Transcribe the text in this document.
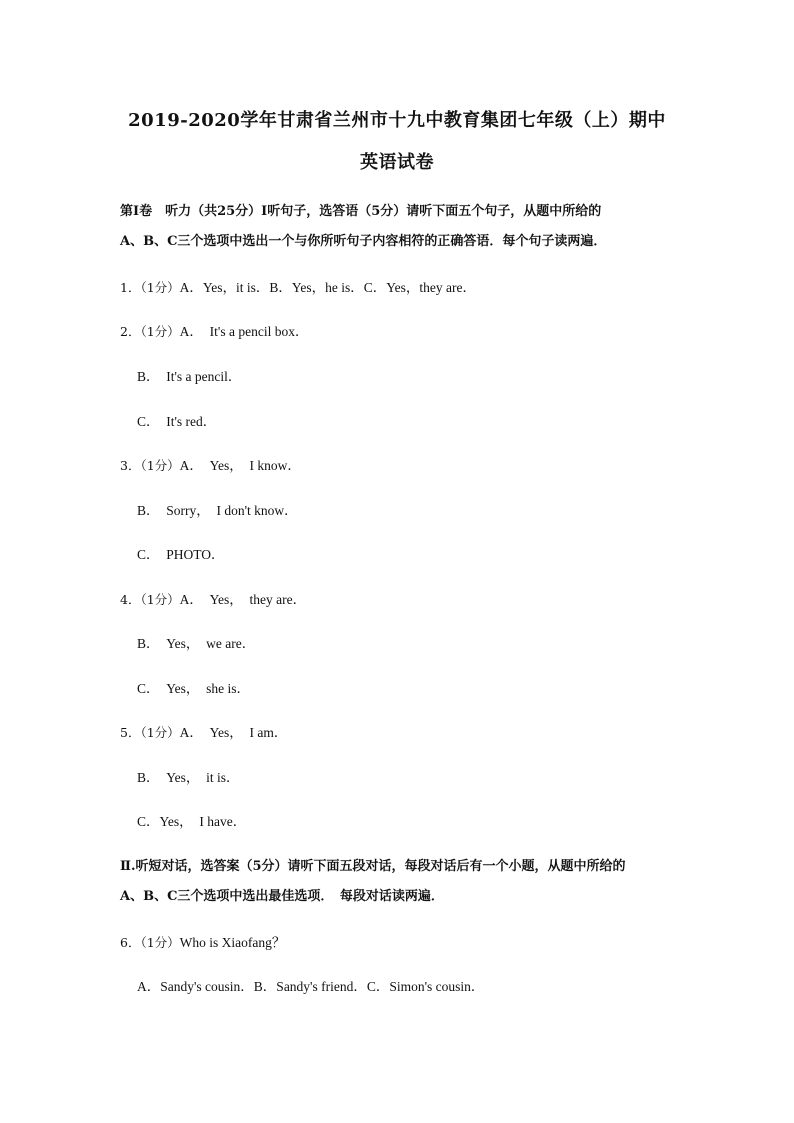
2019-2020学年甘肃省兰州市十九中教育集团七年级（上）期中
英语试卷
第Ⅰ卷　听力（共25分）Ⅰ听句子，选答语（5分）请听下面五个句子，从题中所给的
A、B、C三个选项中选出一个与你所听句子内容相符的正确答语．每个句子读两遍．
1．（1分）A．Yes，it is．B．Yes，he is．C．Yes，they are．
2．（1分）A．　It's a pencil box．
B．　It's a pencil．
C．　It's red．
3．（1分）A．　Yes，　I know．
B．　Sorry，　I don't know．
C．　PHOTO．
4．（1分）A．　Yes，　they are．
B．　Yes，　we are．
C．　Yes，　she is．
5．（1分）A．　Yes，　I am．
B．　Yes，　it is．
C．Yes，　I have．
Ⅱ.听短对话，选答案（5分）请听下面五段对话，每段对话后有一个小题，从题中所给的
A、B、C三个选项中选出最佳选项．　每段对话读两遍．
6．（1分）Who is Xiaofang？
A．Sandy's cousin．B．Sandy's friend．C．Simon's cousin．
